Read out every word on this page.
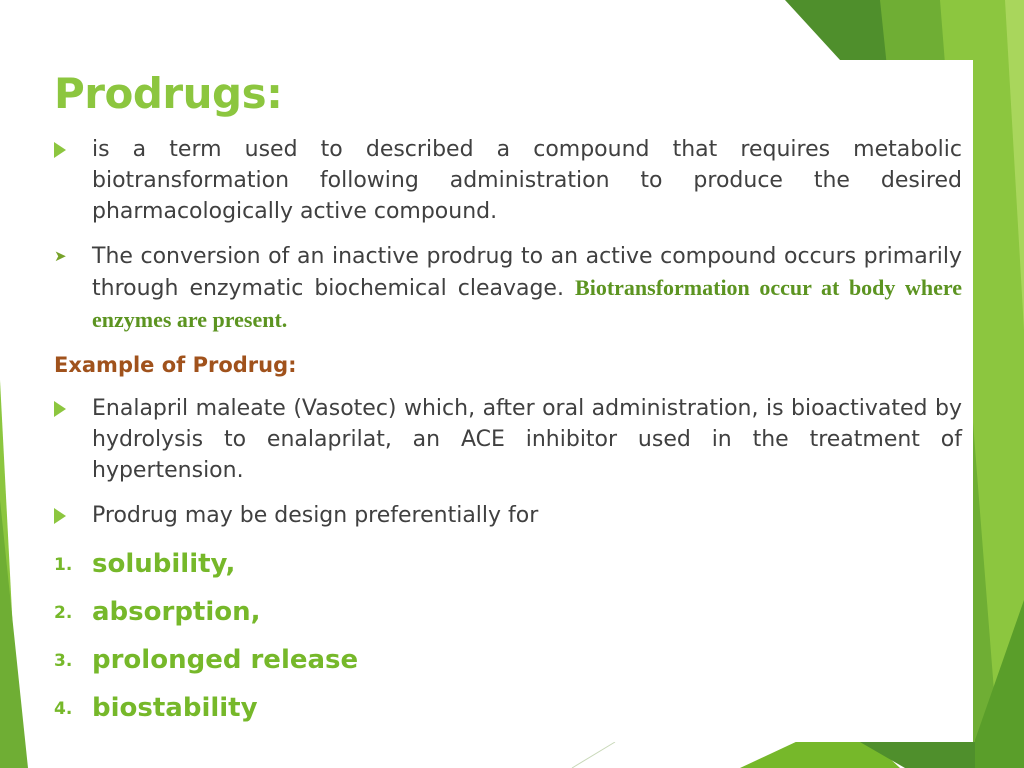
Prodrugs:
is a term used to described a compound that requires metabolic biotransformation following administration to produce the desired pharmacologically active compound.
➤ The conversion of an inactive prodrug to an active compound occurs primarily through enzymatic biochemical cleavage. Biotransformation occur at body where enzymes are present.
Example of Prodrug:
Enalapril maleate (Vasotec) which, after oral administration, is bioactivated by hydrolysis to enalaprilat, an ACE inhibitor used in the treatment of hypertension.
Prodrug may be design preferentially for
1. solubility,
2. absorption,
3. prolonged release
4. biostability
